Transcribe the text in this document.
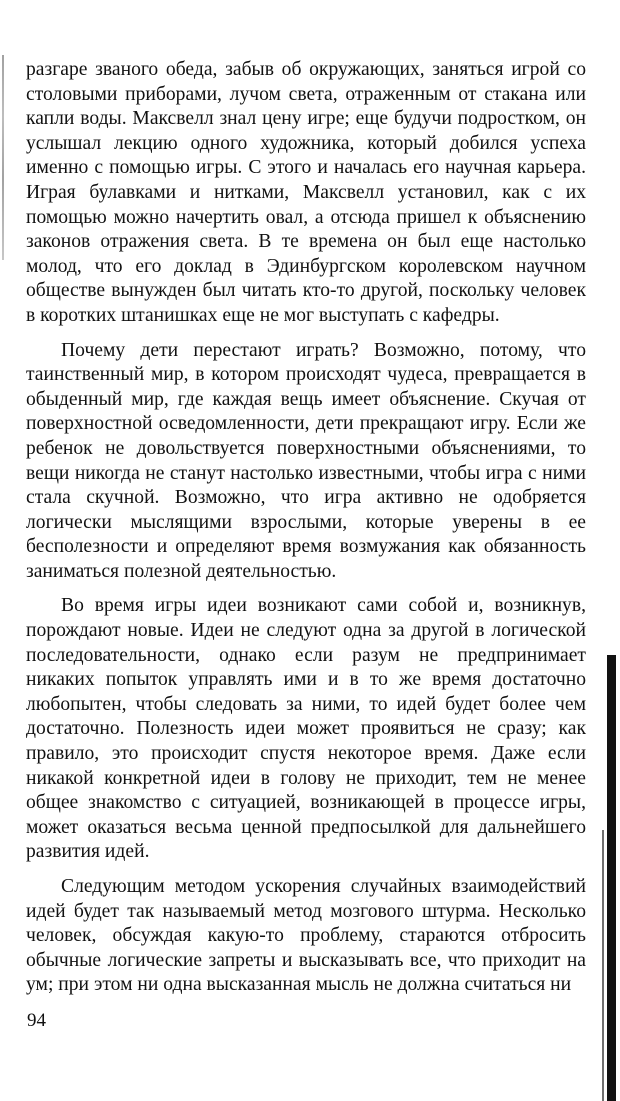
разгаре званого обеда, забыв об окружающих, заняться игрой со столовыми приборами, лучом света, отраженным от стакана или капли воды. Максвелл знал цену игре; еще будучи подростком, он услышал лекцию одного художника, который добился успеха именно с помощью игры. С этого и началась его научная карьера. Играя булавками и нитками, Максвелл установил, как с их помощью можно начертить овал, а отсюда пришел к объяснению законов отражения света. В те времена он был еще настолько молод, что его доклад в Эдинбургском королевском научном обществе вынужден был читать кто-то другой, поскольку человек в коротких штанишках еще не мог выступать с кафедры.

Почему дети перестают играть? Возможно, потому, что таинственный мир, в котором происходят чудеса, превращается в обыденный мир, где каждая вещь имеет объяснение. Скучая от поверхностной осведомленности, дети прекращают игру. Если же ребенок не довольствуется поверхностными объяснениями, то вещи никогда не станут настолько известными, чтобы игра с ними стала скучной. Возможно, что игра активно не одобряется логически мыслящими взрослыми, которые уверены в ее бесполезности и определяют время возмужания как обязанность заниматься полезной деятельностью.

Во время игры идеи возникают сами собой и, возникнув, порождают новые. Идеи не следуют одна за другой в логической последовательности, однако если разум не предпринимает никаких попыток управлять ими и в то же время достаточно любопытен, чтобы следовать за ними, то идей будет более чем достаточно. Полезность идеи может проявиться не сразу; как правило, это происходит спустя некоторое время. Даже если никакой конкретной идеи в голову не приходит, тем не менее общее знакомство с ситуацией, возникающей в процессе игры, может оказаться весьма ценной предпосылкой для дальнейшего развития идей.

Следующим методом ускорения случайных взаимодействий идей будет так называемый метод мозгового штурма. Несколько человек, обсуждая какую-то проблему, стараются отбросить обычные логические запреты и высказывать все, что приходит на ум; при этом ни одна высказанная мысль не должна считаться ни

94
